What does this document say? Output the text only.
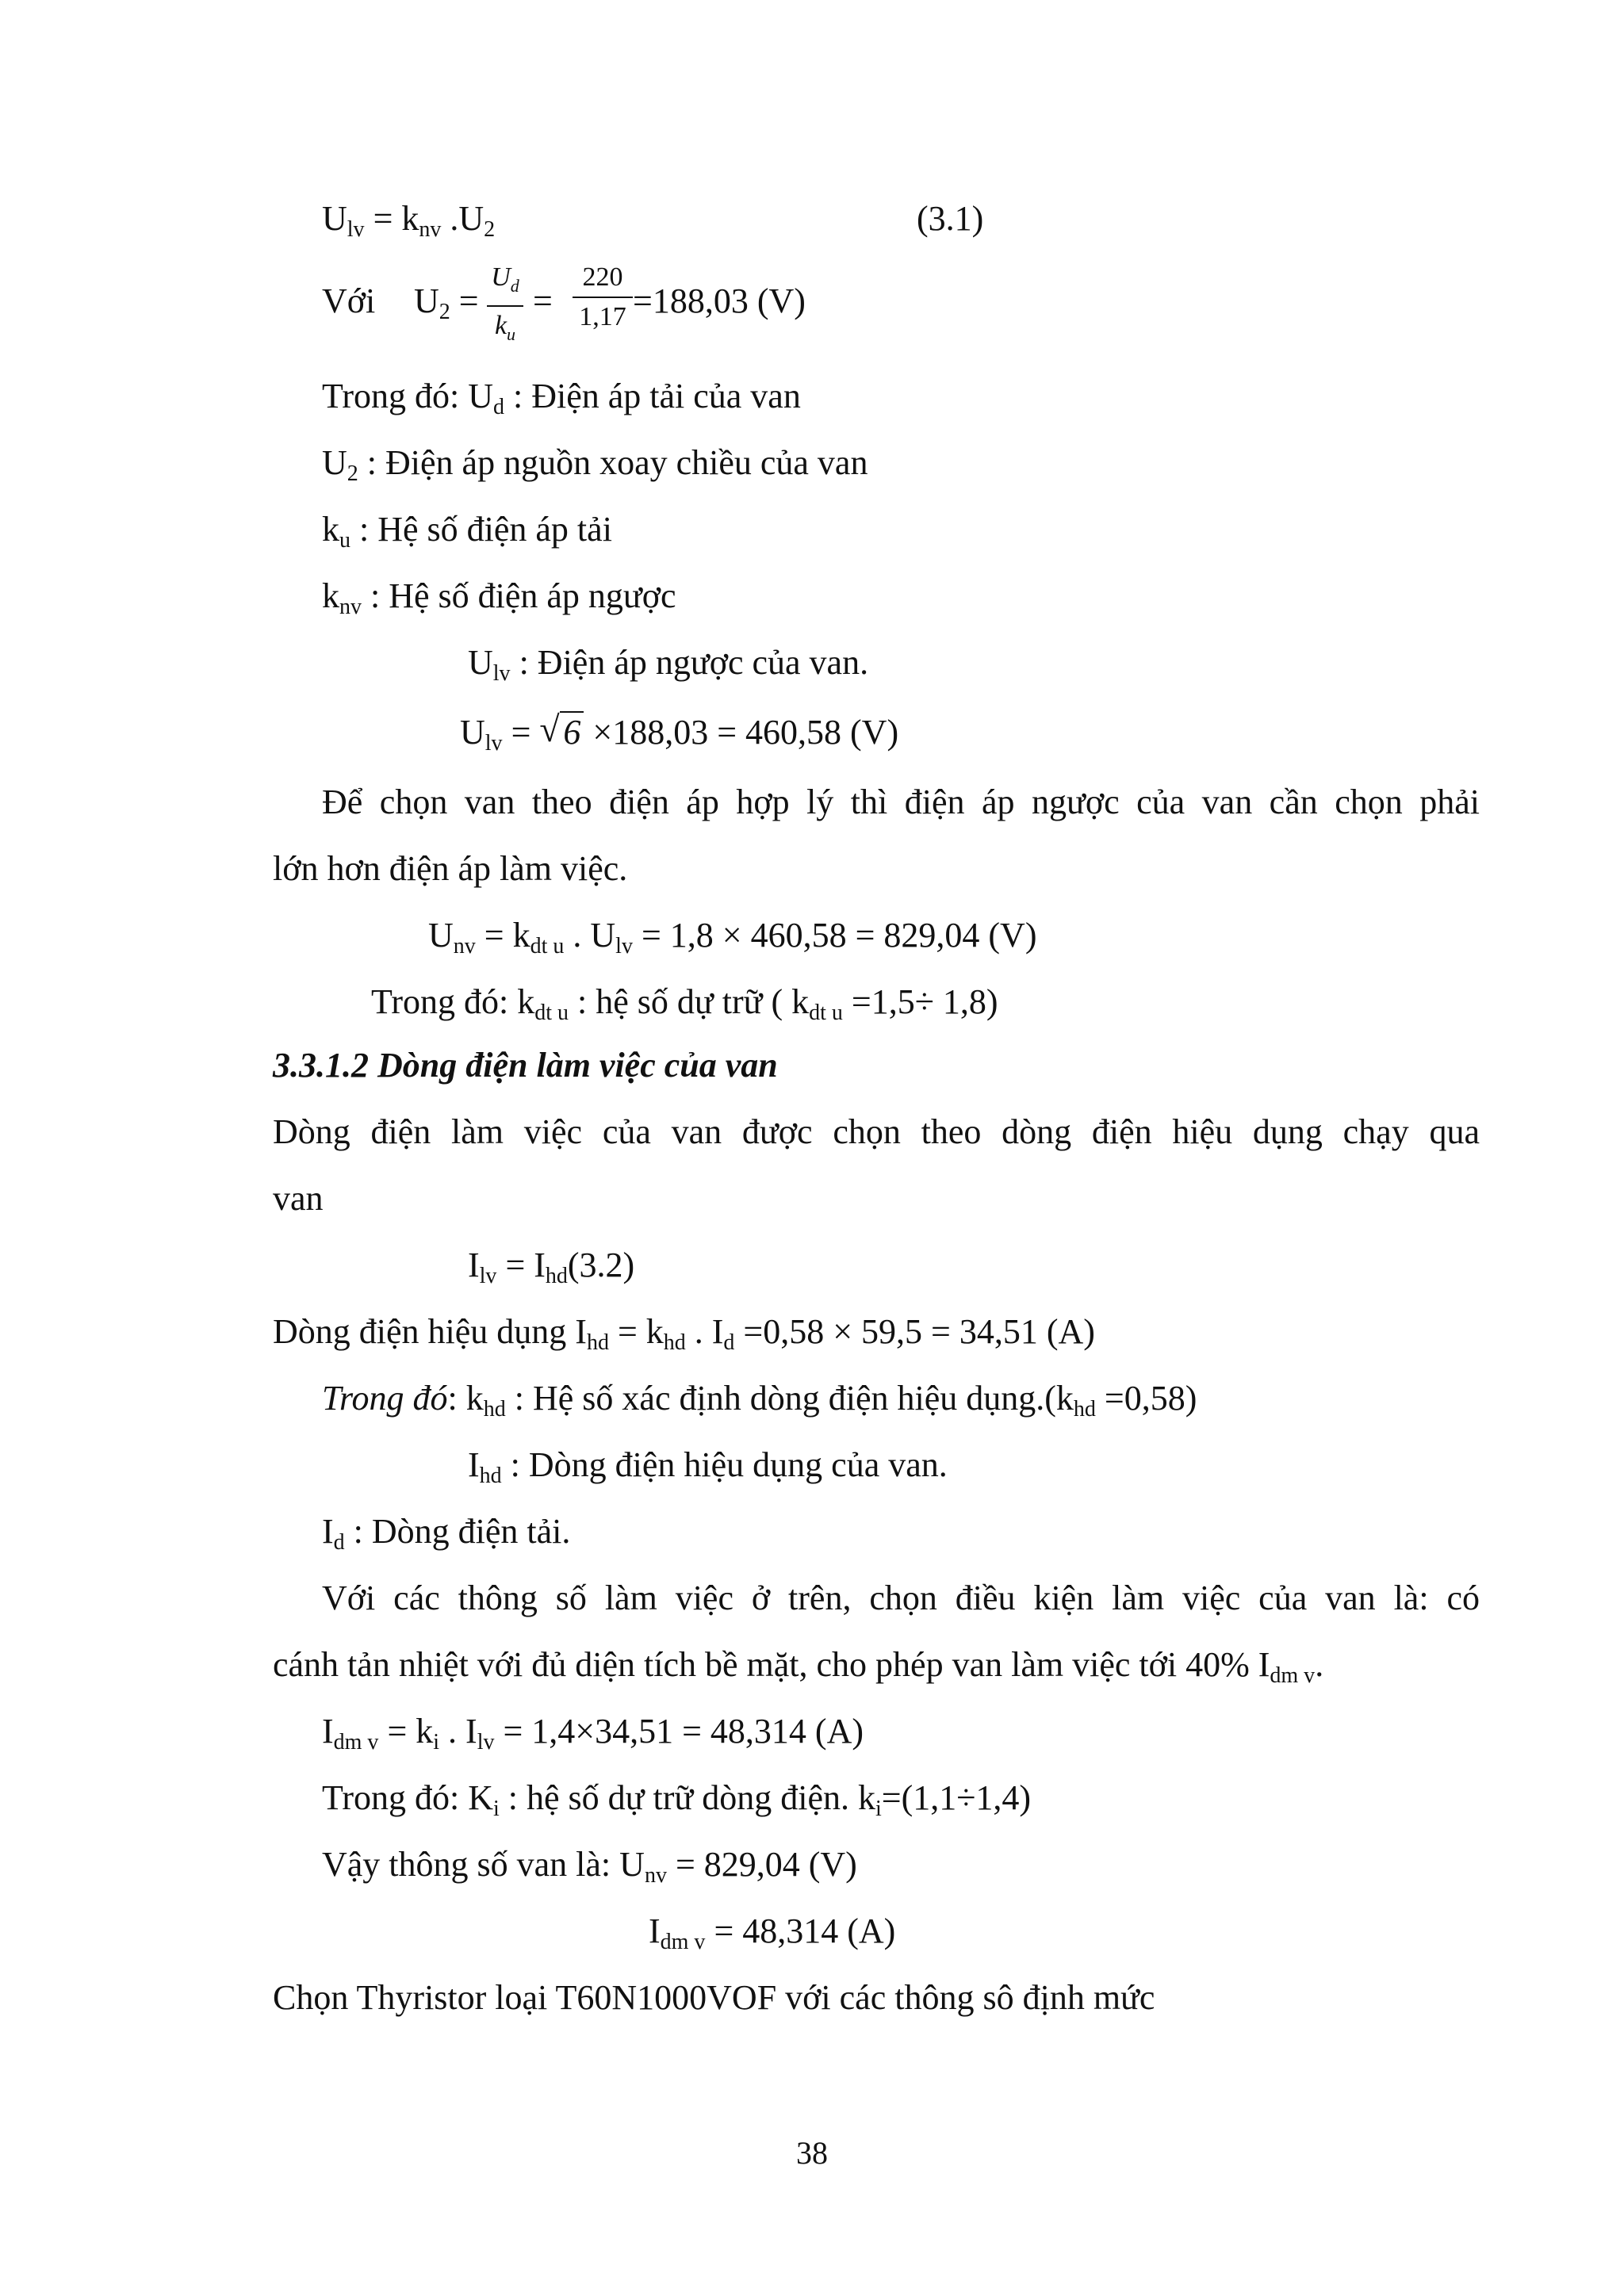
$U_{lv} = k_{nv}$ $.U_2$	(3.1)
Với $U_2$ =
$U_d$
$k_u$
=
220
1,17 =188,03 (V)
Trong đó: $U_d$ : Điện áp tải của van
$U_2$ : Điện áp nguồn xoay chiều của van
$k_u$ : Hệ số điện áp tải
$k_{nv}$ : Hệ số điện áp ngược
$U_{lv}$ : Điện áp ngược của van.
$U_{lv}$ = √ 6 ×188,03 = 460,58 (V)
Để chọn van theo điện áp hợp lý thì điện áp ngược của van cần chọn phải
lớn hơn điện áp làm việc.
$U_{nv} = k_{dt u}$ . $U_{lv} = 1,8 \times 460,58 = 829,04$ (V)
Trong đó: $k_{dt u}$ : hệ số dự trữ ( $k_{dt u} =1,5\div 1,8$)
3.3.1.2 Dòng điện làm việc của van
Dòng điện làm việc của van được chọn theo dòng điện hiệu dụng chạy qua
van
$I_{lv} = I_{hd}(3.2)$
Dòng điện hiệu dụng $I_{hd} = k_{hd}$ . $I_d =0,58 \times 59,5 = 34,51$ (A)
Trong đó: $k_{hd}$ : Hệ số xác định dòng điện hiệu $dụng.(k_{hd} =0,58)$
$I_{hd}$ : Dòng điện hiệu dụng của van.
$I_d$ : Dòng điện tải.
Với các thông số làm việc ở trên, chọn điều kiện làm việc của van là: có
cánh tản nhiệt với đủ diện tích bề mặt, cho phép van làm việc tới 40% $I_{dm v}$.
$I_{dm v} = k_i$ . $I_{lv} = 1,4\times 34,51 = 48,314$ (A)
Trong đó: $K_i$ : hệ số dự trữ dòng điện. $k_i=(1,1\div 1,4)$
Vậy thông số van là: $U_{nv} = 829,04$ (V)
$I_{dm v} = 48,314$ (A)
Chọn Thyristor loại T60N1000VOF với các thông sô định mức
38
